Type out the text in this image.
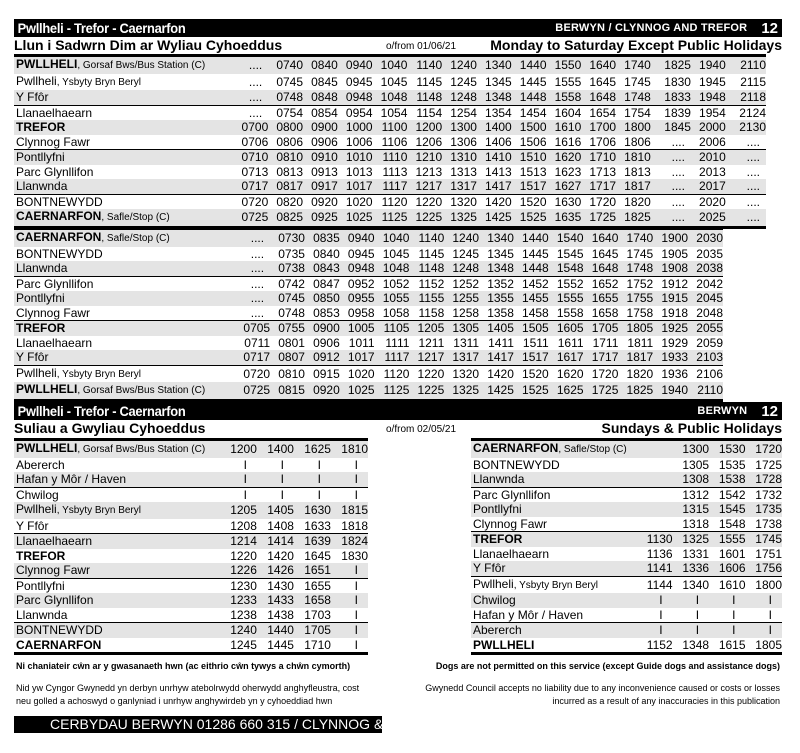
Pwllheli - Trefor - Caernarfon	BERWYN / CLYNNOG AND TREFOR 12
Llun i Sadwrn Dim ar Wyliau Cyhoeddus	o/from 01/06/21 Monday to Saturday Except Public Holidays
PWLLHELI, Gorsaf Bws/Bus Station (C)	....	0740	0840	0940	1040	1140	1240	1340	1440	1550	1640	1740	1825	1940	2110
Pwllheli, Ysbyty Bryn Beryl	....	0745	0845	0945	1045	1145	1245	1345	1445	1555	1645	1745	1830	1945	2115
Y Ffôr	....	0748	0848	0948	1048	1148	1248	1348	1448	1558	1648	1748	1833	1948	2118
Llanaelhaearn	....	0754	0854	0954	1054	1154	1254	1354	1454	1604	1654	1754	1839	1954	2124
TREFOR	0700	0800	0900	1000	1100	1200	1300	1400	1500	1610	1700	1800	1845	2000	2130
Clynnog Fawr	0706	0806	0906	1006	1106	1206	1306	1406	1506	1616	1706	1806	....	2006	....
Pontllyfni	0710	0810	0910	1010	1110	1210	1310	1410	1510	1620	1710	1810	....	2010	....
Parc Glynllifon	0713	0813	0913	1013	1113	1213	1313	1413	1513	1623	1713	1813	....	2013	....
Llanwnda	0717	0817	0917	1017	1117	1217	1317	1417	1517	1627	1717	1817	....	2017	....
BONTNEWYDD	0720	0820	0920	1020	1120	1220	1320	1420	1520	1630	1720	1820	....	2020	....
CAERNARFON, Safle/Stop (C)	0725	0825	0925	1025	1125	1225	1325	1425	1525	1635	1725	1825	....	2025	....
CAERNARFON, Safle/Stop (C)	....	0730	0835	0940	1040	1140	1240	1340	1440	1540	1640	1740	1900	2030
BONTNEWYDD	....	0735	0840	0945	1045	1145	1245	1345	1445	1545	1645	1745	1905	2035
Llanwnda	....	0738	0843	0948	1048	1148	1248	1348	1448	1548	1648	1748	1908	2038
Parc Glynllifon	....	0742	0847	0952	1052	1152	1252	1352	1452	1552	1652	1752	1912	2042
Pontllyfni	....	0745	0850	0955	1055	1155	1255	1355	1455	1555	1655	1755	1915	2045
Clynnog Fawr	....	0748	0853	0958	1058	1158	1258	1358	1458	1558	1658	1758	1918	2048
TREFOR	0705	0755	0900	1005	1105	1205	1305	1405	1505	1605	1705	1805	1925	2055
Llanaelhaearn	0711	0801	0906	1011	1111	1211	1311	1411	1511	1611	1711	1811	1929	2059
Y Ffôr	0717	0807	0912	1017	1117	1217	1317	1417	1517	1617	1717	1817	1933	2103
Pwllheli, Ysbyty Bryn Beryl	0720	0810	0915	1020	1120	1220	1320	1420	1520	1620	1720	1820	1936	2106
PWLLHELI, Gorsaf Bws/Bus Station (C)	0725	0815	0920	1025	1125	1225	1325	1425	1525	1625	1725	1825	1940	2110
Pwllheli - Trefor - Caernarfon	BERWYN 12
Suliau a Gwyliau Cyhoeddus	o/from 02/05/21	Sundays & Public Holidays
PWLLHELI, Gorsaf Bws/Bus Station (C)	1200	1400	1625	1810
Abererch	I	I	I	I
Hafan y Môr / Haven	I	I	I	I
Chwilog	I	I	I	I
Pwllheli, Ysbyty Bryn Beryl	1205	1405	1630	1815
Y Ffôr	1208	1408	1633	1818
Llanaelhaearn	1214	1414	1639	1824
TREFOR	1220	1420	1645	1830
Clynnog Fawr	1226	1426	1651	I
Pontllyfni	1230	1430	1655	I
Parc Glynllifon	1233	1433	1658	I
Llanwnda	1238	1438	1703	I
BONTNEWYDD	1240	1440	1705	I
CAERNARFON	1245	1445	1710	I
CAERNARFON, Safle/Stop (C)		1300	1530	1720
BONTNEWYDD		1305	1535	1725
Llanwnda		1308	1538	1728
Parc Glynllifon		1312	1542	1732
Pontllyfni		1315	1545	1735
Clynnog Fawr		1318	1548	1738
TREFOR	1130	1325	1555	1745
Llanaelhaearn	1136	1331	1601	1751
Y Ffôr	1141	1336	1606	1756
Pwllheli, Ysbyty Bryn Beryl	1144	1340	1610	1800
Chwilog	I	I	I	I
Hafan y Môr / Haven	I	I	I	I
Abererch	I	I	I	I
PWLLHELI	1152	1348	1615	1805
Ni chaniateir cŵn ar y gwasanaeth hwn (ac eithrio cŵn tywys a chŵn cymorth)	Dogs are not permitted on this service (except Guide dogs and assistance dogs)
Nid yw Cyngor Gwynedd yn derbyn unrhyw atebolrwydd oherwydd anghyfleustra, cost neu golled a achoswyd o ganlyniad i unrhyw anghywirdeb yn y cyhoeddiad hwn
Gwynedd Council accepts no liability due to any inconvenience caused or costs or losses incurred as a result of any inaccuracies in this publication
CERBYDAU BERWYN 01286 660 315 / CLYNNOG & TREFOR 01286 660 208
